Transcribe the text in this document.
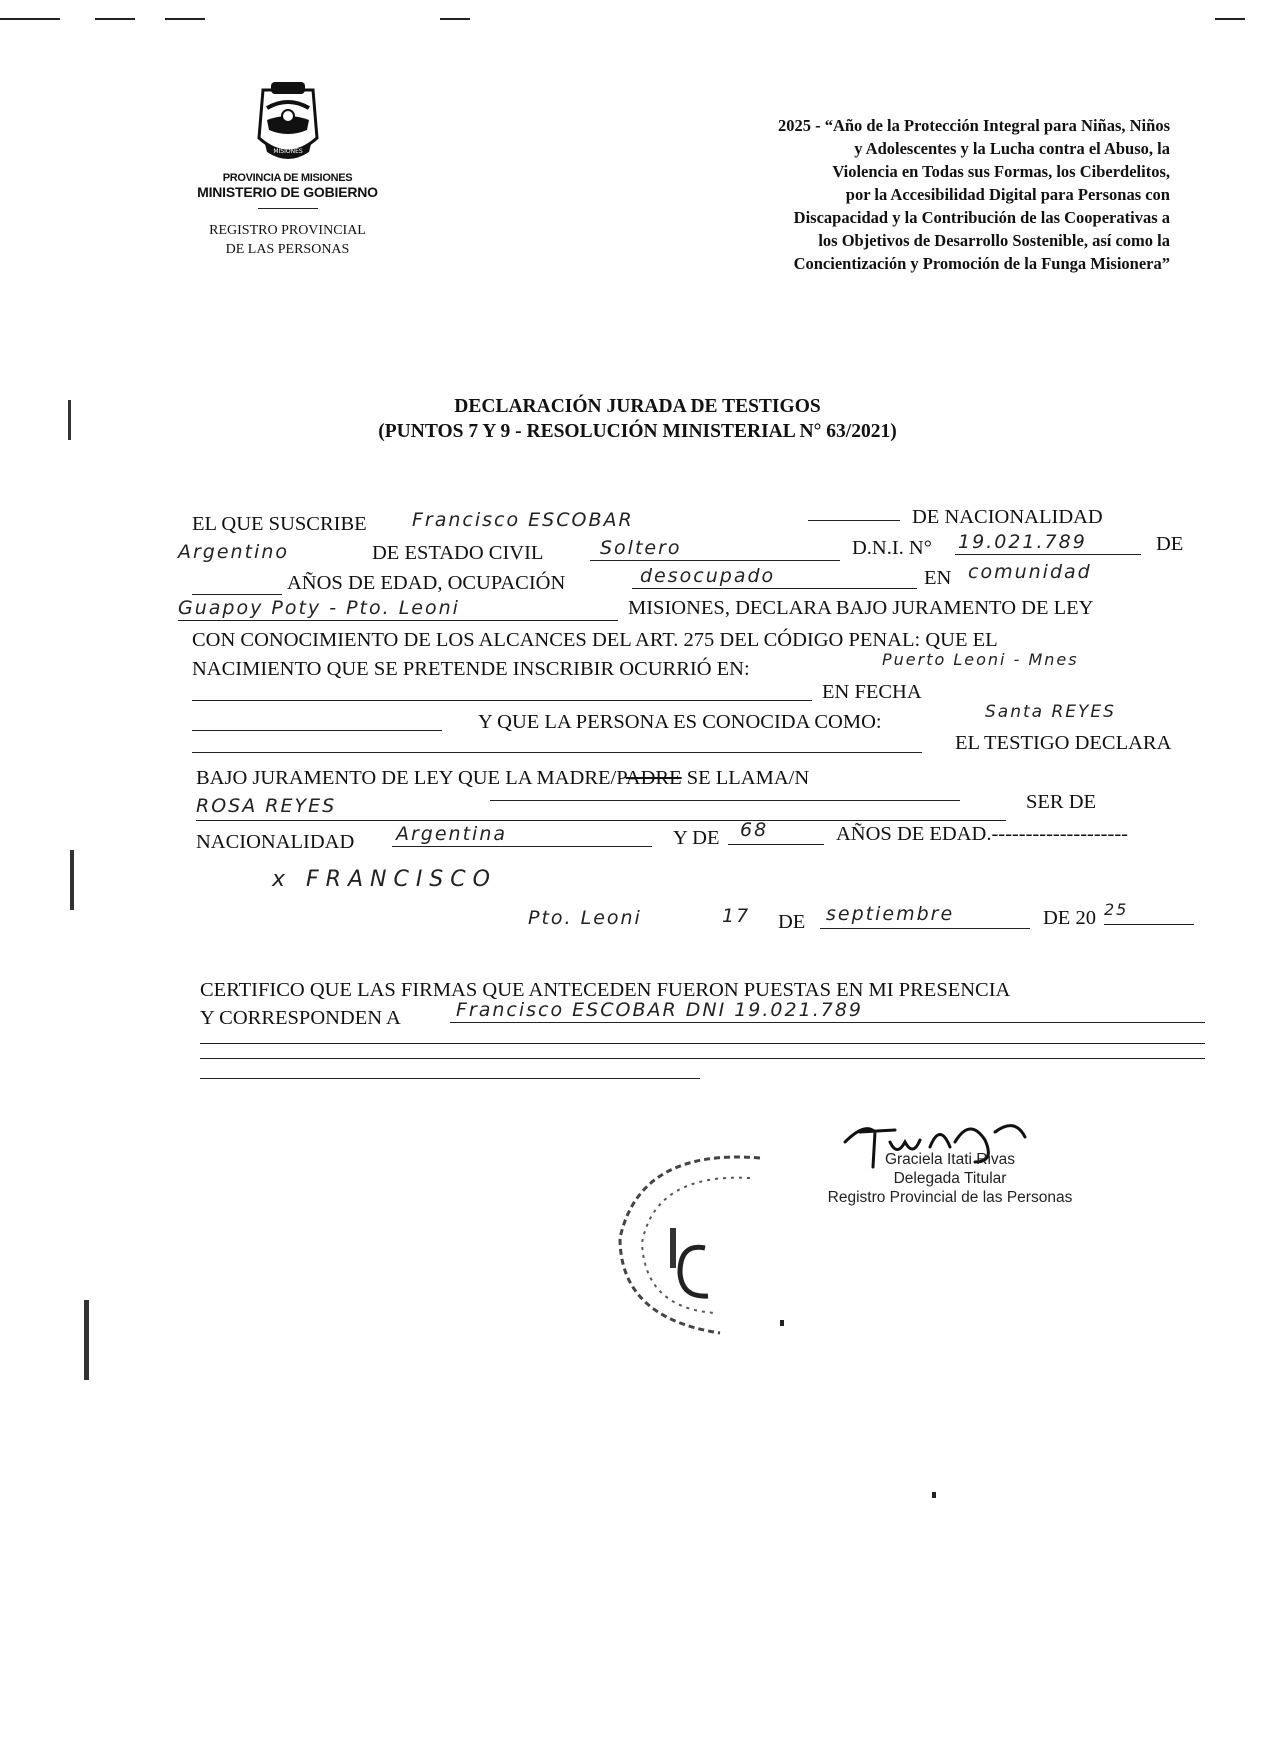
MISIONES
PROVINCIA DE MISIONES
MINISTERIO DE GOBIERNO
REGISTRO PROVINCIAL
DE LAS PERSONAS
2025 - “Año de la Protección Integral para Niñas, Niños
y Adolescentes y la Lucha contra el Abuso, la
Violencia en Todas sus Formas, los Ciberdelitos,
por la Accesibilidad Digital para Personas con
Discapacidad y la Contribución de las Cooperativas a
los Objetivos de Desarrollo Sostenible, así como la
Concientización y Promoción de la Funga Misionera”
DECLARACIÓN JURADA DE TESTIGOS
(PUNTOS 7 Y 9 - RESOLUCIÓN MINISTERIAL N° 63/2021)
EL QUE SUSCRIBE Francisco ESCOBAR	DE NACIONALIDAD
Argentino	DE ESTADO CIVIL	Soltero	D.N.I. N° 19.021.789	DE
AÑOS DE EDAD, OCUPACIÓN	desocupado	EN comunidad
Guapoy Poty - Pto. Leoni	MISIONES, DECLARA BAJO JURAMENTO DE LEY
CON CONOCIMIENTO DE LOS ALCANCES DEL ART. 275 DEL CÓDIGO PENAL: QUE EL
NACIMIENTO QUE SE PRETENDE INSCRIBIR OCURRIÓ EN:	Puerto Leoni - Mnes
EN FECHA
Y QUE LA PERSONA ES CONOCIDA COMO:	Santa REYES
EL TESTIGO DECLARA
BAJO JURAMENTO DE LEY QUE LA MADRE/PADRE SE LLAMA/N
ROSA REYES	SER DE
NACIONALIDAD Argentina	Y DE 68	AÑOS DE EDAD.--------------------
x FRANCISCO
Pto. Leoni	17 DE septiembre	DE 20 25
CERTIFICO QUE LAS FIRMAS QUE ANTECEDEN FUERON PUESTAS EN MI PRESENCIA
Y CORRESPONDEN A	Francisco ESCOBAR DNI 19.021.789
Graciela Itati Rivas
Delegada Titular
Registro Provincial de las Personas
